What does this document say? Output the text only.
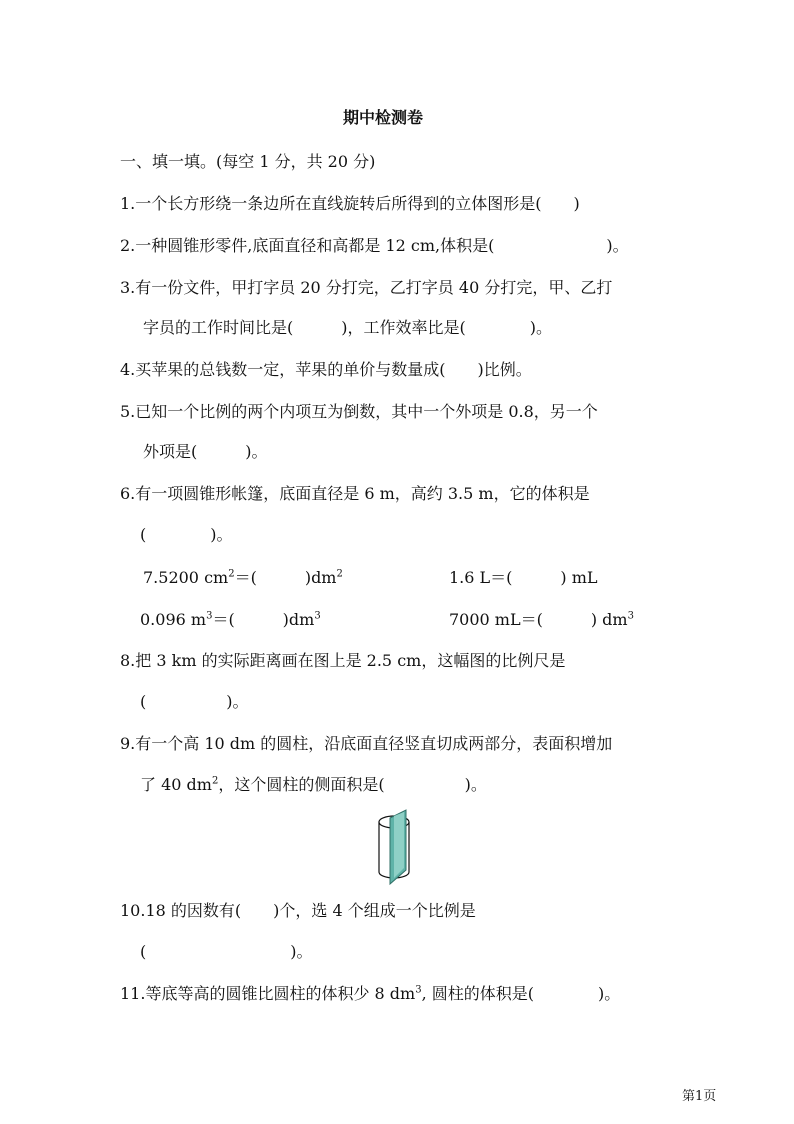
期中检测卷
一、填一填。(每空 1 分，共 20 分)
1.一个长方形绕一条边所在直线旋转后所得到的立体图形是(　　)
2.一种圆锥形零件,底面直径和高都是 12 cm,体积是(　　　　　　　)。
3.有一份文件，甲打字员 20 分打完，乙打字员 40 分打完，甲、乙打
字员的工作时间比是(　　　)，工作效率比是(　　　　)。
4.买苹果的总钱数一定，苹果的单价与数量成(　　)比例。
5.已知一个比例的两个内项互为倒数，其中一个外项是 0.8，另一个
外项是(　　　)。
6.有一项圆锥形帐篷，底面直径是 6 m，高约 3.5 m，它的体积是
(　　　　)。
7.5200 $cm^2=$(　　　)$dm^2$	1.6 L＝(　　　) mL
0.096 $m^3=$(　　　)$dm^3$	7000 mL＝(　　　) $dm^3$
8.把 3 km 的实际距离画在图上是 2.5 cm，这幅图的比例尺是
(　　　　　)。
9.有一个高 10 dm 的圆柱，沿底面直径竖直切成两部分，表面积增加
了 40 $dm^2$，这个圆柱的侧面积是(　　　　　)。
10.18 的因数有(　　)个，选 4 个组成一个比例是
(　　　　　　　　　)。
11.等底等高的圆锥比圆柱的体积少 8 $dm^3$, 圆柱的体积是(　　　　)。
第1页
